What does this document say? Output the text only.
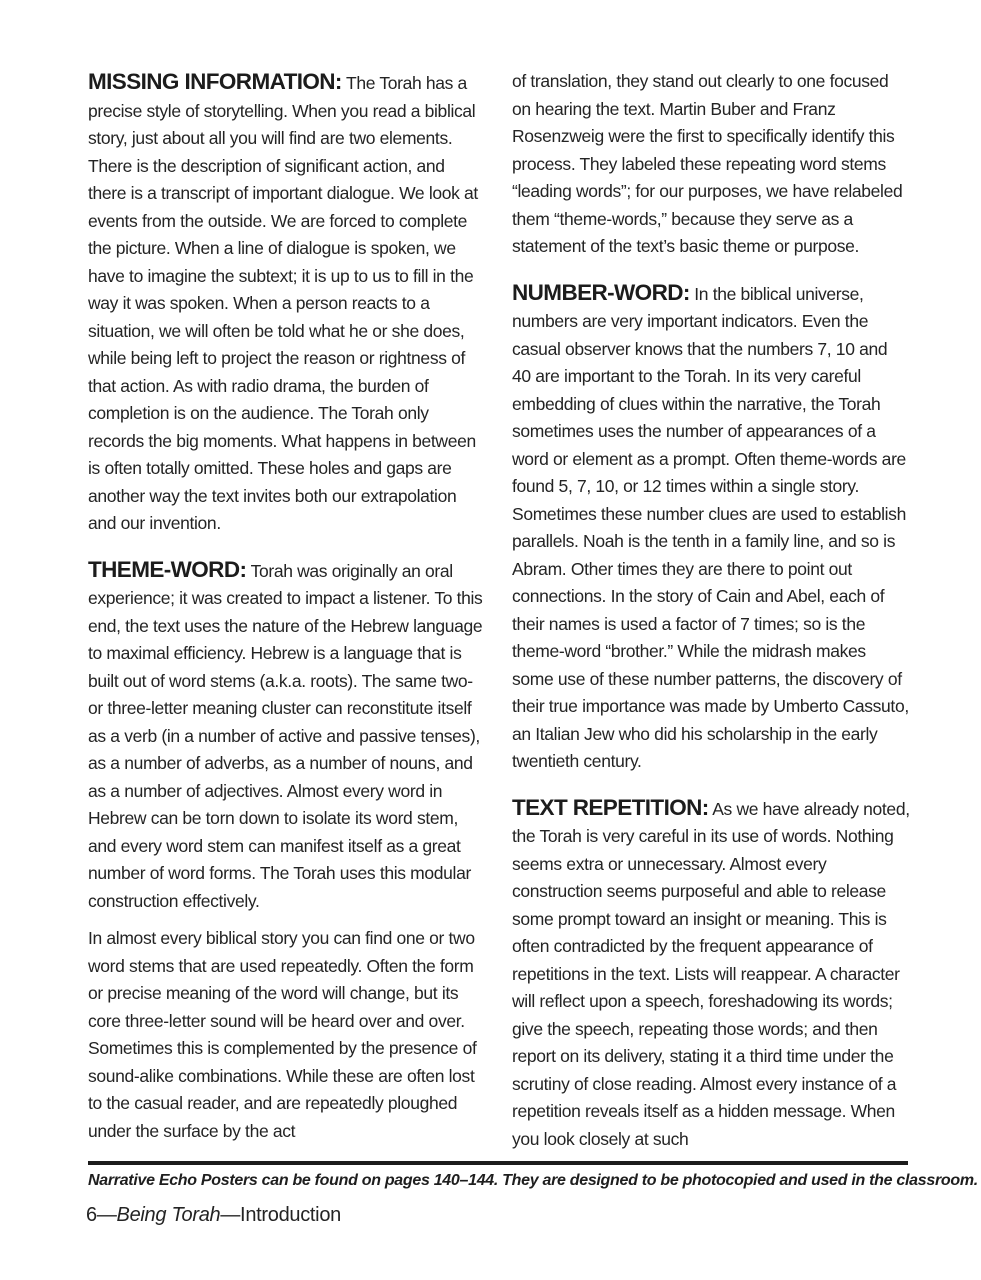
MISSING INFORMATION: The Torah has a precise style of storytelling. When you read a biblical story, just about all you will find are two elements. There is the description of significant action, and there is a transcript of important dialogue. We look at events from the outside. We are forced to complete the picture. When a line of dialogue is spoken, we have to imagine the subtext; it is up to us to fill in the way it was spoken. When a person reacts to a situation, we will often be told what he or she does, while being left to project the reason or rightness of that action. As with radio drama, the burden of completion is on the audience. The Torah only records the big moments. What happens in between is often totally omitted. These holes and gaps are another way the text invites both our extrapolation and our invention.

THEME-WORD: Torah was originally an oral experience; it was created to impact a listener. To this end, the text uses the nature of the Hebrew language to maximal efficiency. Hebrew is a language that is built out of word stems (a.k.a. roots). The same two- or three-letter meaning cluster can reconstitute itself as a verb (in a number of active and passive tenses), as a number of adverbs, as a number of nouns, and as a number of adjectives. Almost every word in Hebrew can be torn down to isolate its word stem, and every word stem can manifest itself as a great number of word forms. The Torah uses this modular construction effectively.

In almost every biblical story you can find one or two word stems that are used repeatedly. Often the form or precise meaning of the word will change, but its core three-letter sound will be heard over and over. Sometimes this is complemented by the presence of sound-alike combinations. While these are often lost to the casual reader, and are repeatedly ploughed under the surface by the act

of translation, they stand out clearly to one focused on hearing the text. Martin Buber and Franz Rosenzweig were the first to specifically identify this process. They labeled these repeating word stems “leading words”; for our purposes, we have relabeled them “theme-words,” because they serve as a statement of the text’s basic theme or purpose.

NUMBER-WORD: In the biblical universe, numbers are very important indicators. Even the casual observer knows that the numbers 7, 10 and 40 are important to the Torah. In its very careful embedding of clues within the narrative, the Torah sometimes uses the number of appearances of a word or element as a prompt. Often theme-words are found 5, 7, 10, or 12 times within a single story. Sometimes these number clues are used to establish parallels. Noah is the tenth in a family line, and so is Abram. Other times they are there to point out connections. In the story of Cain and Abel, each of their names is used a factor of 7 times; so is the theme-word “brother.” While the midrash makes some use of these number patterns, the discovery of their true importance was made by Umberto Cassuto, an Italian Jew who did his scholarship in the early twentieth century.

TEXT REPETITION: As we have already noted, the Torah is very careful in its use of words. Nothing seems extra or unnecessary. Almost every construction seems purposeful and able to release some prompt toward an insight or meaning. This is often contradicted by the frequent appearance of repetitions in the text. Lists will reappear. A character will reflect upon a speech, foreshadowing its words; give the speech, repeating those words; and then report on its delivery, stating it a third time under the scrutiny of close reading. Almost every instance of a repetition reveals itself as a hidden message. When you look closely at such

Narrative Echo Posters can be found on pages 140–144. They are designed to be photocopied and used in the classroom.
6—Being Torah—Introduction
